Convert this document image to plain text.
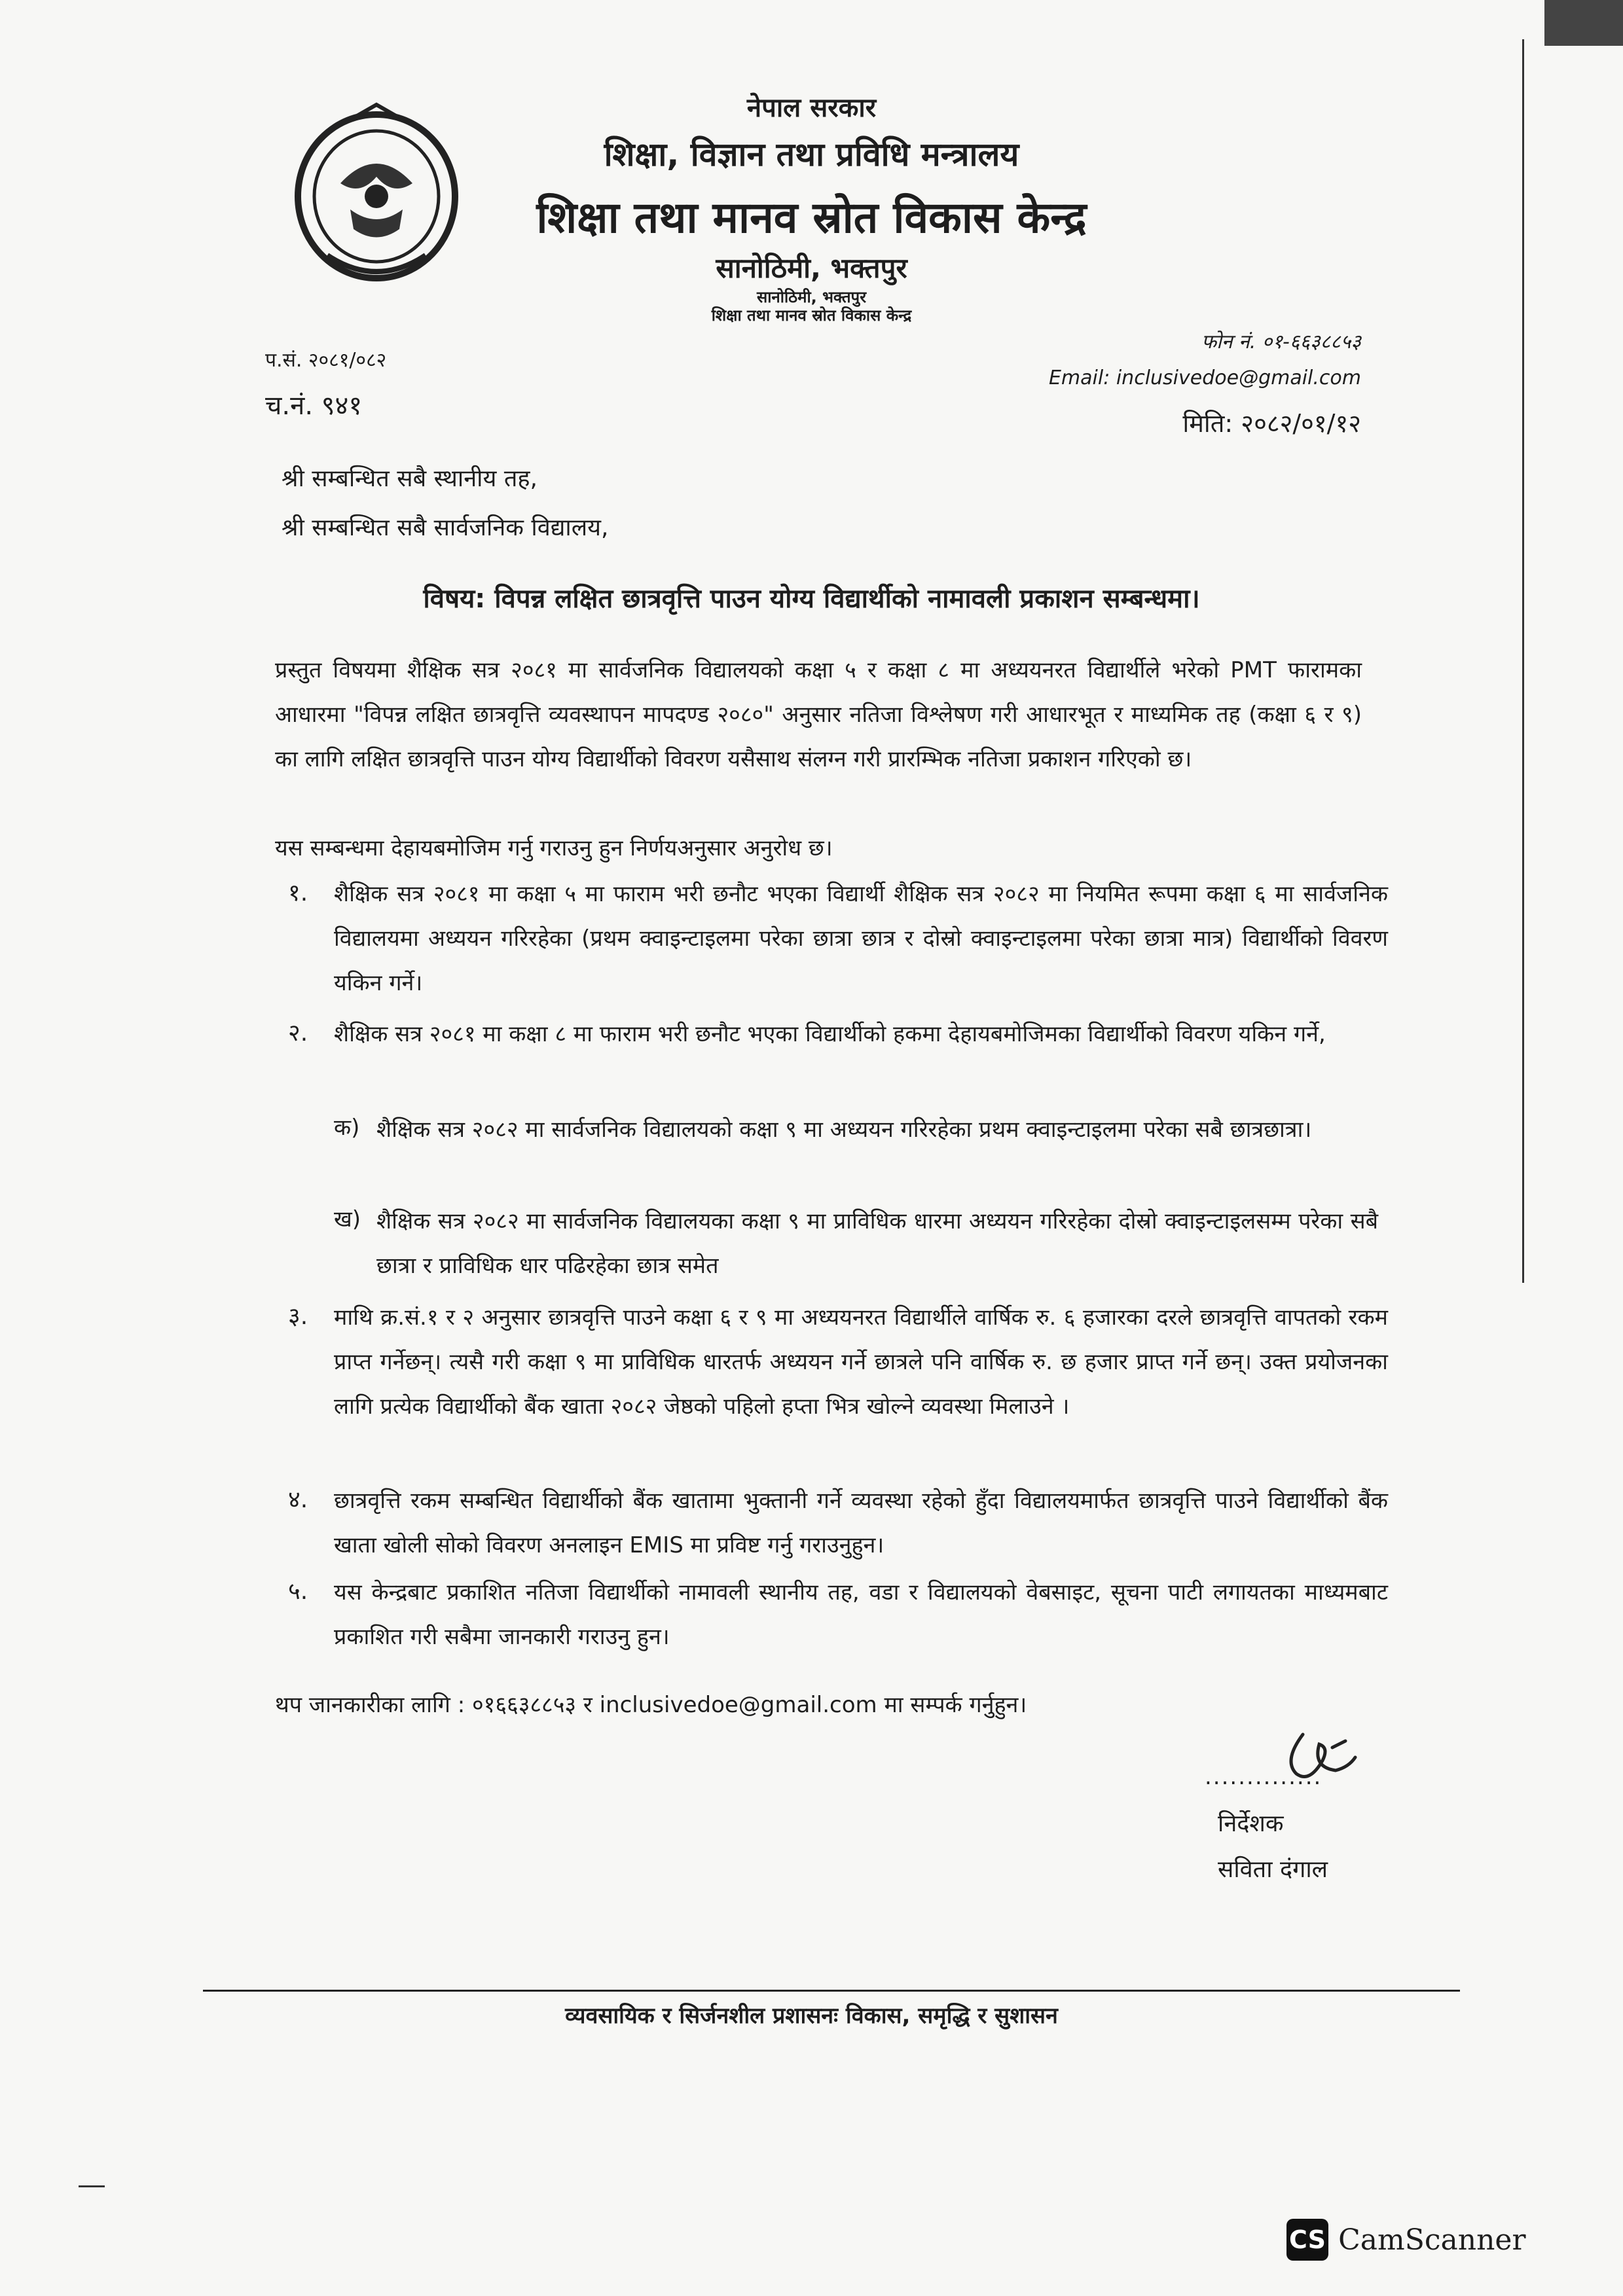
नेपाल सरकार
शिक्षा, विज्ञान तथा प्रविधि मन्त्रालय
शिक्षा तथा मानव स्रोत विकास केन्द्र
सानोठिमी, भक्तपुर
सानोठिमी, भक्तपुर
शिक्षा तथा मानव स्रोत विकास केन्द्र
प.सं. २०८१/०८२
च.नं. ९४१
फोन नं. ०१-६६३८८५३
Email: inclusivedoe@gmail.com
मिति: २०८२/०१/१२
श्री सम्बन्धित सबै स्थानीय तह,
श्री सम्बन्धित सबै सार्वजनिक विद्यालय,
विषय: विपन्न लक्षित छात्रवृत्ति पाउन योग्य विद्यार्थीको नामावली प्रकाशन सम्बन्धमा।
प्रस्तुत विषयमा शैक्षिक सत्र २०८१ मा सार्वजनिक विद्यालयको कक्षा ५ र कक्षा ८ मा अध्ययनरत विद्यार्थीले भरेको PMT फारामका आधारमा "विपन्न लक्षित छात्रवृत्ति व्यवस्थापन मापदण्ड २०८०" अनुसार नतिजा विश्लेषण गरी आधारभूत र माध्यमिक तह (कक्षा ६ र ९) का लागि लक्षित छात्रवृत्ति पाउन योग्य विद्यार्थीको विवरण यसैसाथ संलग्न गरी प्रारम्भिक नतिजा प्रकाशन गरिएको छ।
यस सम्बन्धमा देहायबमोजिम गर्नु गराउनु हुन निर्णयअनुसार अनुरोध छ।
१. शैक्षिक सत्र २०८१ मा कक्षा ५ मा फाराम भरी छनौट भएका विद्यार्थी शैक्षिक सत्र २०८२ मा नियमित रूपमा कक्षा ६ मा सार्वजनिक विद्यालयमा अध्ययन गरिरहेका (प्रथम क्वाइन्टाइलमा परेका छात्रा छात्र र दोस्रो क्वाइन्टाइलमा परेका छात्रा मात्र) विद्यार्थीको विवरण यकिन गर्ने।
२. शैक्षिक सत्र २०८१ मा कक्षा ८ मा फाराम भरी छनौट भएका विद्यार्थीको हकमा देहायबमोजिमका विद्यार्थीको विवरण यकिन गर्ने,
क) शैक्षिक सत्र २०८२ मा सार्वजनिक विद्यालयको कक्षा ९ मा अध्ययन गरिरहेका प्रथम क्वाइन्टाइलमा परेका सबै छात्रछात्रा।
ख) शैक्षिक सत्र २०८२ मा सार्वजनिक विद्यालयका कक्षा ९ मा प्राविधिक धारमा अध्ययन गरिरहेका दोस्रो क्वाइन्टाइलसम्म परेका सबै छात्रा र प्राविधिक धार पढिरहेका छात्र समेत
३. माथि क्र.सं.१ र २ अनुसार छात्रवृत्ति पाउने कक्षा ६ र ९ मा अध्ययनरत विद्यार्थीले वार्षिक रु. ६ हजारका दरले छात्रवृत्ति वापतको रकम प्राप्त गर्नेछन्। त्यसै गरी कक्षा ९ मा प्राविधिक धारतर्फ अध्ययन गर्ने छात्रले पनि वार्षिक रु. छ हजार प्राप्त गर्ने छन्। उक्त प्रयोजनका लागि प्रत्येक विद्यार्थीको बैंक खाता २०८२ जेष्ठको पहिलो हप्ता भित्र खोल्ने व्यवस्था मिलाउने ।
४. छात्रवृत्ति रकम सम्बन्धित विद्यार्थीको बैंक खातामा भुक्तानी गर्ने व्यवस्था रहेको हुँदा विद्यालयमार्फत छात्रवृत्ति पाउने विद्यार्थीको बैंक खाता खोली सोको विवरण अनलाइन EMIS मा प्रविष्ट गर्नु गराउनुहुन।
५. यस केन्द्रबाट प्रकाशित नतिजा विद्यार्थीको नामावली स्थानीय तह, वडा र विद्यालयको वेबसाइट, सूचना पाटी लगायतका माध्यमबाट प्रकाशित गरी सबैमा जानकारी गराउनु हुन।
थप जानकारीका लागि : ०१६६३८८५३ र inclusivedoe@gmail.com मा सम्पर्क गर्नुहुन।
..............
निर्देशक
सविता दंगाल
व्यवसायिक र सिर्जनशील प्रशासनः विकास, समृद्धि र सुशासन
CS CamScanner
